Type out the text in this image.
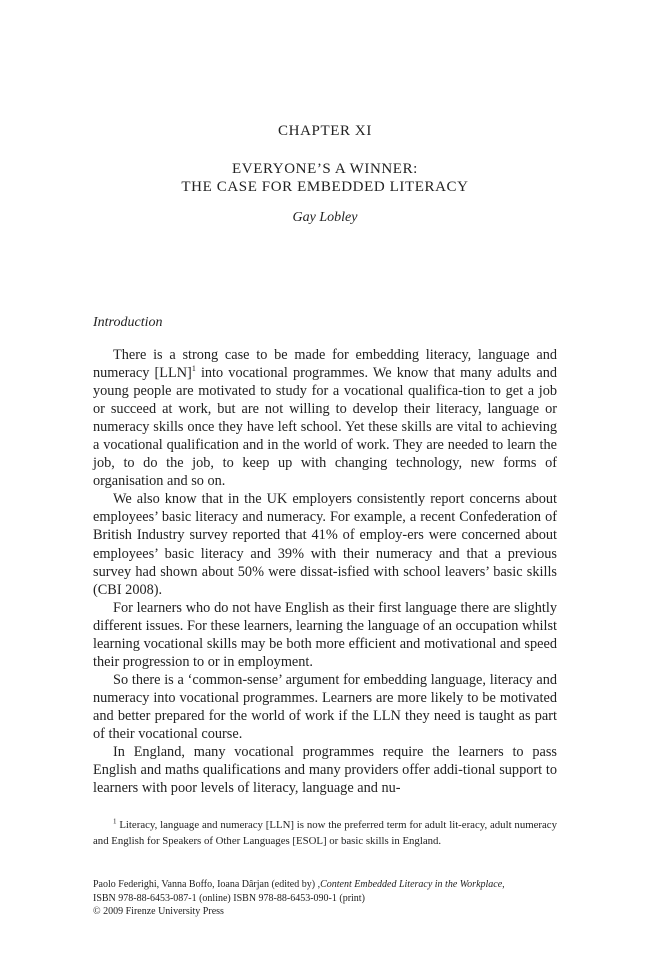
CHAPTER XI
EVERYONE’S A WINNER:
THE CASE FOR EMBEDDED LITERACY
Gay Lobley
Introduction

There is a strong case to be made for embedding literacy, language and numeracy [LLN]$^1$ into vocational programmes. We know that many adults and young people are motivated to study for a vocational qualifica-tion to get a job or succeed at work, but are not willing to develop their literacy, language or numeracy skills once they have left school. Yet these skills are vital to achieving a vocational qualification and in the world of work. They are needed to learn the job, to do the job, to keep up with changing technology, new forms of organisation and so on.

We also know that in the UK employers consistently report concerns about employees’ basic literacy and numeracy. For example, a recent Confederation of British Industry survey reported that 41% of employ-ers were concerned about employees’ basic literacy and 39% with their numeracy and that a previous survey had shown about 50% were dissat-isfied with school leavers’ basic skills (CBI 2008).

For learners who do not have English as their first language there are slightly different issues. For these learners, learning the language of an occupation whilst learning vocational skills may be both more efficient and motivational and speed their progression to or in employment.

So there is a ‘common-sense’ argument for embedding language, literacy and numeracy into vocational programmes. Learners are more likely to be motivated and better prepared for the world of work if the LLN they need is taught as part of their vocational course.

In England, many vocational programmes require the learners to pass English and maths qualifications and many providers offer addi-tional support to learners with poor levels of literacy, language and nu-

$^1$ Literacy, language and numeracy [LLN] is now the preferred term for adult lit-eracy, adult numeracy and English for Speakers of Other Languages [ESOL] or basic skills in England.

Paolo Federighi, Vanna Boffo, Ioana Dârjan (edited by) ,Content Embedded Literacy in the Workplace,
ISBN 978-88-6453-087-1 (online) ISBN 978-88-6453-090-1 (print)
© 2009 Firenze University Press
